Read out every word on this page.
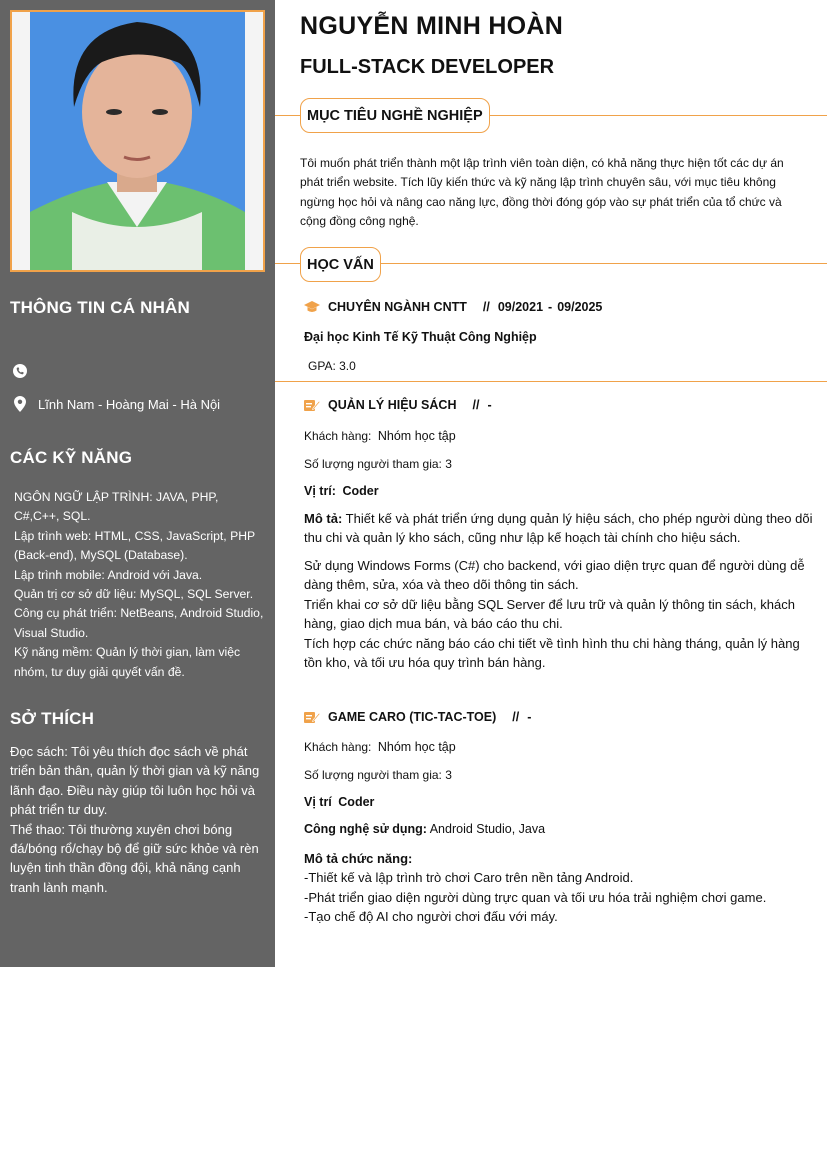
THÔNG TIN CÁ NHÂN
Lĩnh Nam - Hoàng Mai - Hà Nội
CÁC KỸ NĂNG
NGÔN NGỮ LẬP TRÌNH: JAVA, PHP, C#,C++, SQL.
Lập trình web: HTML, CSS, JavaScript, PHP (Back-end), MySQL (Database).
Lập trình mobile: Android với Java.
Quản trị cơ sở dữ liệu: MySQL, SQL Server.
Công cụ phát triển: NetBeans, Android Studio, Visual Studio.
Kỹ năng mềm: Quản lý thời gian, làm việc nhóm, tư duy giải quyết vấn đề.
SỞ THÍCH
Đọc sách: Tôi yêu thích đọc sách về phát triển bản thân, quản lý thời gian và kỹ năng lãnh đạo. Điều này giúp tôi luôn học hỏi và phát triển tư duy.
Thể thao: Tôi thường xuyên chơi bóng đá/bóng rổ/chạy bộ để giữ sức khỏe và rèn luyện tinh thần đồng đội, khả năng cạnh tranh lành mạnh.
NGUYỄN MINH HOÀN
FULL-STACK DEVELOPER
MỤC TIÊU NGHỀ NGHIỆP
Tôi muốn phát triển thành một lập trình viên toàn diện, có khả năng thực hiện tốt các dự án phát triển website. Tích lũy kiến thức và kỹ năng lập trình chuyên sâu, với mục tiêu không ngừng học hỏi và nâng cao năng lực, đồng thời đóng góp vào sự phát triển của tổ chức và cộng đồng công nghệ.
HỌC VẤN
CHUYÊN NGÀNH CNTT // 09/2021 - 09/2025
Đại học Kinh Tế Kỹ Thuật Công Nghiệp
GPA: 3.0
QUẢN LÝ HIỆU SÁCH // -
Khách hàng: Nhóm học tập
Số lượng người tham gia: 3
Vị trí: Coder
Mô tả: Thiết kế và phát triển ứng dụng quản lý hiệu sách, cho phép người dùng theo dõi thu chi và quản lý kho sách, cũng như lập kế hoạch tài chính cho hiệu sách.
Sử dụng Windows Forms (C#) cho backend, với giao diện trực quan để người dùng dễ dàng thêm, sửa, xóa và theo dõi thông tin sách.
Triển khai cơ sở dữ liệu bằng SQL Server để lưu trữ và quản lý thông tin sách, khách hàng, giao dịch mua bán, và báo cáo thu chi.
Tích hợp các chức năng báo cáo chi tiết về tình hình thu chi hàng tháng, quản lý hàng tồn kho, và tối ưu hóa quy trình bán hàng.
GAME CARO (TIC-TAC-TOE) // -
Khách hàng: Nhóm học tập
Số lượng người tham gia: 3
Vị trí Coder
Công nghệ sử dụng: Android Studio, Java
Mô tả chức năng:
-Thiết kế và lập trình trò chơi Caro trên nền tảng Android.
-Phát triển giao diện người dùng trực quan và tối ưu hóa trải nghiệm chơi game.
-Tạo chế độ AI cho người chơi đấu với máy.
